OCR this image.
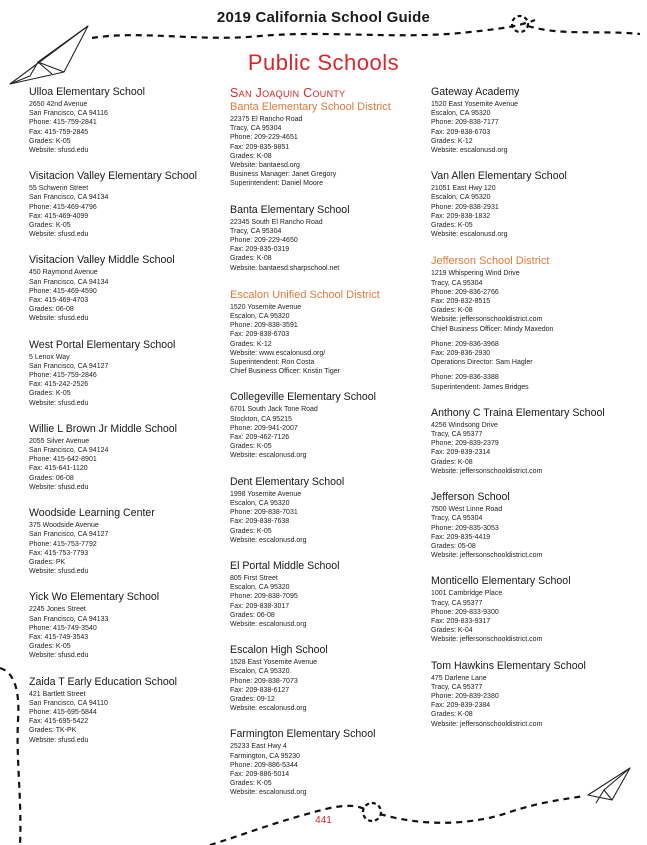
2019 California School Guide
Public Schools
Ulloa Elementary School
2650 42nd Avenue
San Francisco, CA 94116
Phone: 415-759-2841
Fax: 415-759-2845
Grades: K-05
Website: sfusd.edu
Visitacion Valley Elementary School
55 Schwerin Street
San Francisco, CA 94134
Phone: 415-469-4796
Fax: 415-469-4099
Grades: K-05
Website: sfusd.edu
Visitacion Valley Middle School
450 Raymond Avenue
San Francisco, CA 94134
Phone: 415-469-4590
Fax: 415-469-4703
Grades: 06-08
Website: sfusd.edu
West Portal Elementary School
5 Lenox Way
San Francisco, CA 94127
Phone: 415-759-2846
Fax: 415-242-2526
Grades: K-05
Website: sfusd.edu
Willie L Brown Jr Middle School
2055 Silver Avenue
San Francisco, CA 94124
Phone: 415-642-8901
Fax: 415-641-1120
Grades: 06-08
Website: sfusd.edu
Woodside Learning Center
375 Woodside Avenue
San Francisco, CA 94127
Phone: 415-753-7792
Fax: 415-753-7793
Grades: PK
Website: sfusd.edu
Yick Wo Elementary School
2245 Jones Street
San Francisco, CA 94133
Phone: 415-749-3540
Fax: 415-749-3543
Grades: K-05
Website: sfusd.edu
Zaida T Early Education School
421 Bartlett Street
San Francisco, CA 94110
Phone: 415-695-5844
Fax: 415-695-5422
Grades: TK-PK
Website: sfusd.edu
San Joaquin County
Banta Elementary School District
22375 El Rancho Road
Tracy, CA 95304
Phone: 209-229-4651
Fax: 209-835-9851
Grades: K-08
Website: bantaesd.org
Business Manager: Janet Gregory
Superintendent: Daniel Moore
Banta Elementary School
22345 South El Rancho Road
Tracy, CA 95304
Phone: 209-229-4650
Fax: 209-835-0319
Grades: K-08
Website: bantaesd.sharpschool.net
Escalon Unified School District
1520 Yosemite Avenue
Escalon, CA 95320
Phone: 209-838-3591
Fax: 209-838-6703
Grades: K-12
Website: www.escalonusd.org/
Superintendent: Ron Costa
Chief Business Officer: Kristin Tiger
Collegeville Elementary School
6701 South Jack Tone Road
Stockton, CA 95215
Phone: 209-941-2007
Fax: 209-462-7126
Grades: K-05
Website: escalonusd.org
Dent Elementary School
1998 Yosemite Avenue
Escalon, CA 95320
Phone: 209-838-7031
Fax: 209-838-7638
Grades: K-05
Website: escalonusd.org
El Portal Middle School
805 First Street
Escalon, CA 95320
Phone: 209-838-7095
Fax: 209-838-3017
Grades: 06-08
Website: escalonusd.org
Escalon High School
1528 East Yosemite Avenue
Escalon, CA 95320
Phone: 209-838-7073
Fax: 209-838-6127
Grades: 09-12
Website: escalonusd.org
Farmington Elementary School
25233 East Hwy 4
Farmington, CA 95230
Phone: 209-886-5344
Fax: 209-886-5014
Grades: K-05
Website: escalonusd.org
Gateway Academy
1520 East Yosemite Avenue
Escalon, CA 95320
Phone: 209-838-7177
Fax: 209-838-6703
Grades: K-12
Website: escalonusd.org
Van Allen Elementary School
21051 East Hwy 120
Escalon, CA 95320
Phone: 209-838-2931
Fax: 209-838-1832
Grades: K-05
Website: escalonusd.org
Jefferson School District
1219 Whispering Wind Drive
Tracy, CA 95304
Phone: 209-836-2766
Fax: 209-832-8515
Grades: K-08
Website: jeffersonschooldistrict.com
Chief Business Officer: Mindy Maxedon
Phone: 209-836-3968
Fax: 209-836-2930
Operations Director: Sam Hagler
Phone: 209-836-3388
Superintendent: James Bridges
Anthony C Traina Elementary School
4256 Windsong Drive
Tracy, CA 95377
Phone: 209-839-2379
Fax: 209-839-2314
Grades: K-08
Website: jeffersonschooldistrict.com
Jefferson School
7500 West Linne Road
Tracy, CA 95304
Phone: 209-835-3053
Fax: 209-835-4419
Grades: 05-08
Website: jeffersonschooldistrict.com
Monticello Elementary School
1001 Cambridge Place
Tracy, CA 95377
Phone: 209-833-9300
Fax: 209-833-9317
Grades: K-04
Website: jeffersonschooldistrict.com
Tom Hawkins Elementary School
475 Darlene Lane
Tracy, CA 95377
Phone: 209-839-2380
Fax: 209-839-2384
Grades: K-08
Website: jeffersonschooldistrict.com
441
